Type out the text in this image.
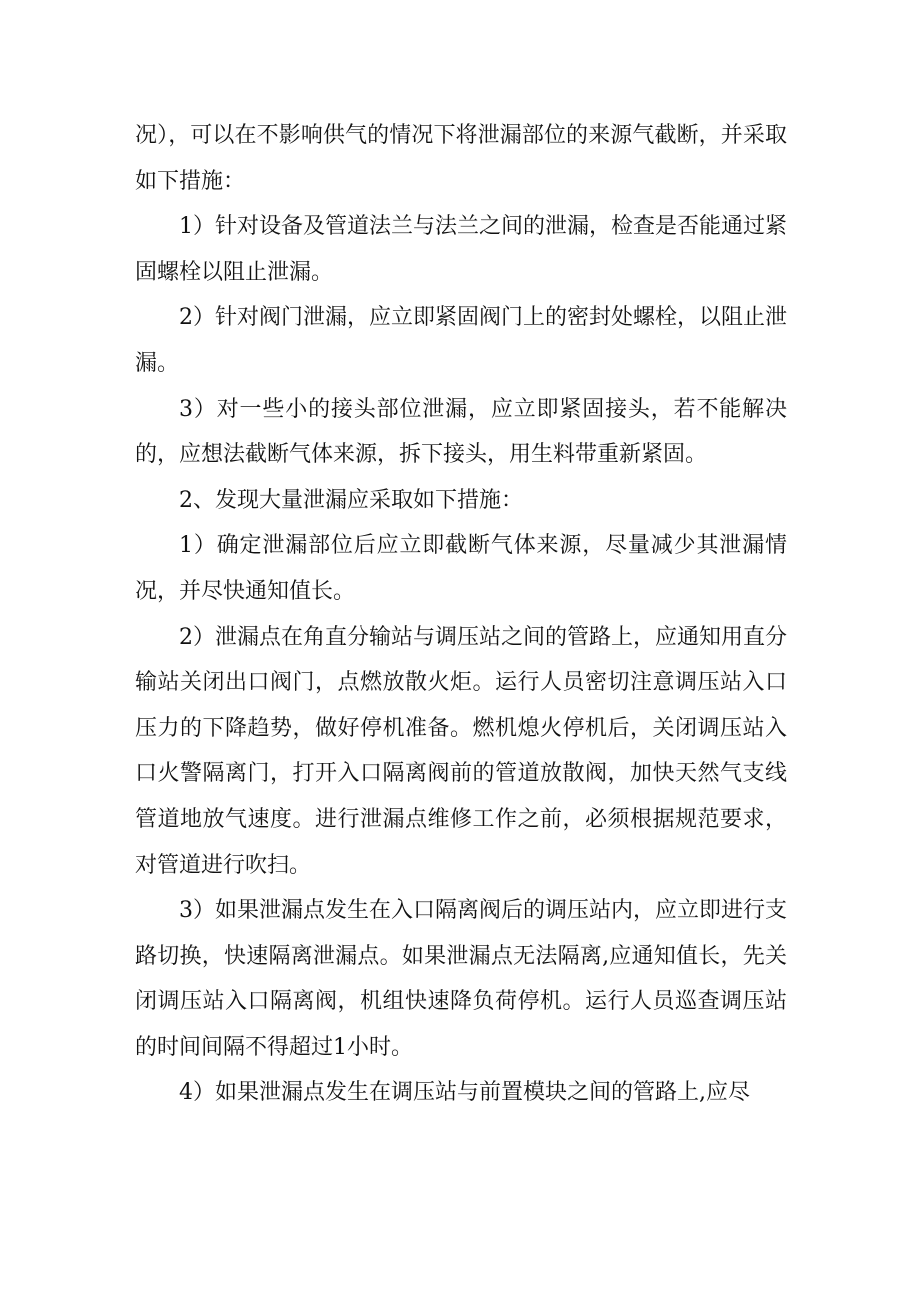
况），可以在不影响供气的情况下将泄漏部位的来源气截断，并采取如下措施：

1）针对设备及管道法兰与法兰之间的泄漏，检查是否能通过紧固螺栓以阻止泄漏。

2）针对阀门泄漏，应立即紧固阀门上的密封处螺栓，以阻止泄漏。

3）对一些小的接头部位泄漏，应立即紧固接头，若不能解决的，应想法截断气体来源，拆下接头，用生料带重新紧固。

2、发现大量泄漏应采取如下措施：

1）确定泄漏部位后应立即截断气体来源，尽量减少其泄漏情况，并尽快通知值长。

2）泄漏点在角直分输站与调压站之间的管路上，应通知用直分输站关闭出口阀门，点燃放散火炬。运行人员密切注意调压站入口压力的下降趋势，做好停机准备。燃机熄火停机后，关闭调压站入口火警隔离门，打开入口隔离阀前的管道放散阀，加快天然气支线管道地放气速度。进行泄漏点维修工作之前，必须根据规范要求，对管道进行吹扫。

3）如果泄漏点发生在入口隔离阀后的调压站内，应立即进行支路切换，快速隔离泄漏点。如果泄漏点无法隔离,应通知值长，先关闭调压站入口隔离阀，机组快速降负荷停机。运行人员巡查调压站的时间间隔不得超过1小时。

4）如果泄漏点发生在调压站与前置模块之间的管路上,应尽
